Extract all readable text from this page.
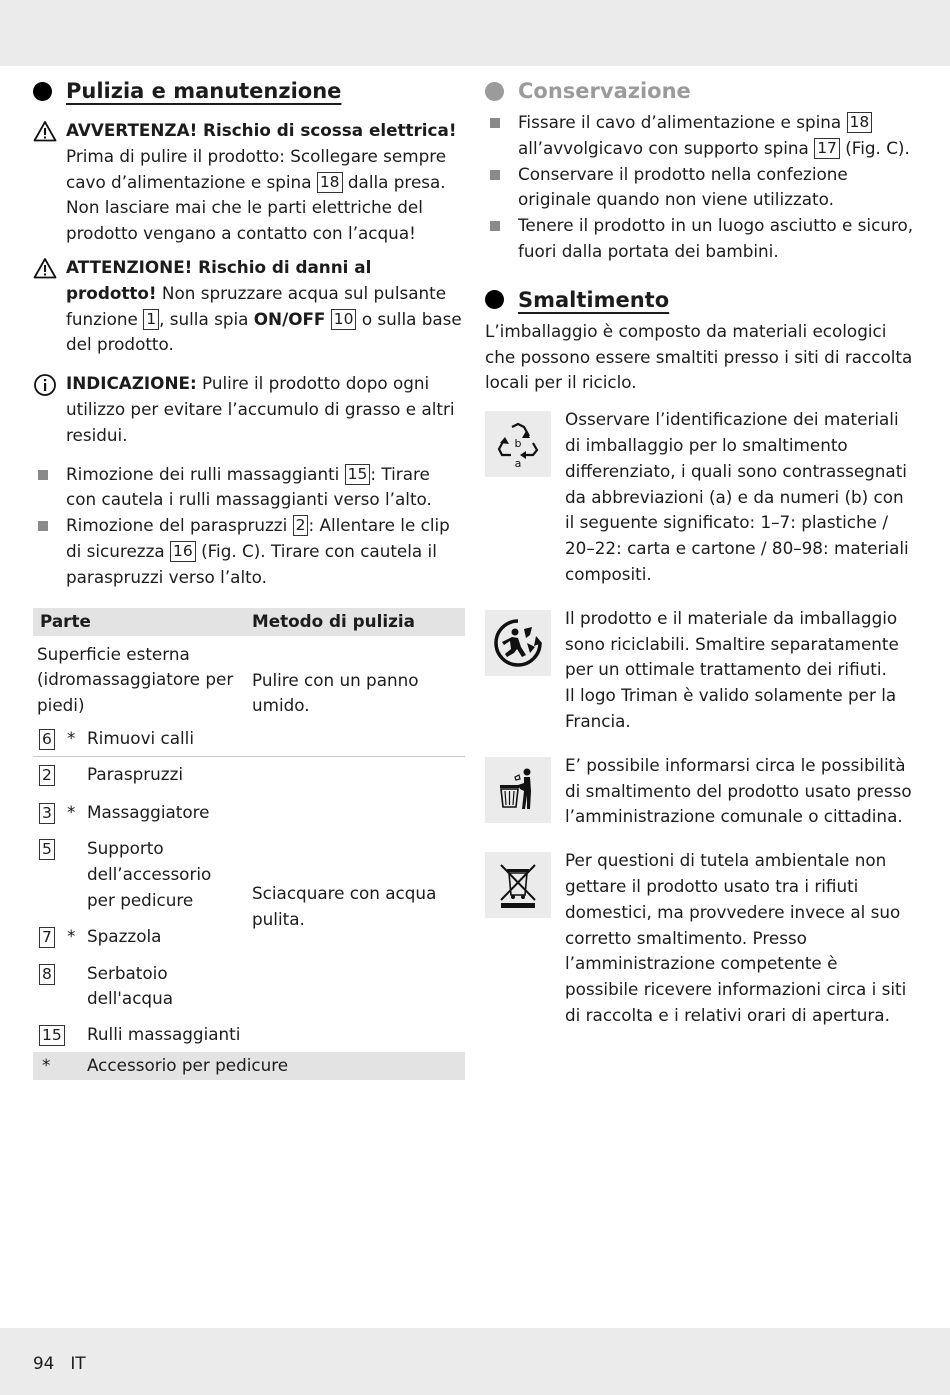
Pulizia e manutenzione
AVVERTENZA! Rischio di scossa elettrica! Prima di pulire il prodotto: Scollegare sempre cavo d’alimentazione e spina 18 dalla presa. Non lasciare mai che le parti elettriche del prodotto vengano a contatto con l’acqua!
ATTENZIONE! Rischio di danni al prodotto! Non spruzzare acqua sul pulsante funzione 1 , sulla spia ON/OFF 10 o sulla base del prodotto.
INDICAZIONE: Pulire il prodotto dopo ogni utilizzo per evitare l’accumulo di grasso e altri residui.
Rimozione dei rulli massaggianti 15 : Tirare con cautela i rulli massaggianti verso l’alto.
Rimozione del paraspruzzi 2 : Allentare le clip di sicurezza 16 (Fig. C). Tirare con cautela il paraspruzzi verso l’alto.
Parte	Metodo di pulizia
Superficie esterna (idromassaggiatore per piedi)
6 * Rimuovi calli
Pulire con un panno umido.
2 Paraspruzzi
3 * Massaggiatore
5 Supporto dell’accessorio per pedicure
7 * Spazzola
8 Serbatoio dell'acqua
15 Rulli massaggianti
Sciacquare con acqua pulita.
* Accessorio per pedicure
Conservazione
Fissare il cavo d’alimentazione e spina 18 all’avvolgicavo con supporto spina 17 (Fig. C).
Conservare il prodotto nella confezione originale quando non viene utilizzato.
Tenere il prodotto in un luogo asciutto e sicuro, fuori dalla portata dei bambini.
Smaltimento
L’imballaggio è composto da materiali ecologici che possono essere smaltiti presso i siti di raccolta locali per il riciclo.
b
a
Osservare l’identificazione dei materiali di imballaggio per lo smaltimento differenziato, i quali sono contrassegnati da abbreviazioni (a) e da numeri (b) con il seguente significato: 1–7: plastiche / 20–22: carta e cartone / 80–98: materiali compositi.
Il prodotto e il materiale da imballaggio sono riciclabili. Smaltire separatamente per un ottimale trattamento dei rifiuti.
Il logo Triman è valido solamente per la Francia.
E’ possibile informarsi circa le possibilità di smaltimento del prodotto usato presso l’amministrazione comunale o cittadina.
Per questioni di tutela ambientale non gettare il prodotto usato tra i rifiuti domestici, ma provvedere invece al suo corretto smaltimento. Presso l’amministrazione competente è possibile ricevere informazioni circa i siti di raccolta e i relativi orari di apertura.
94 IT
